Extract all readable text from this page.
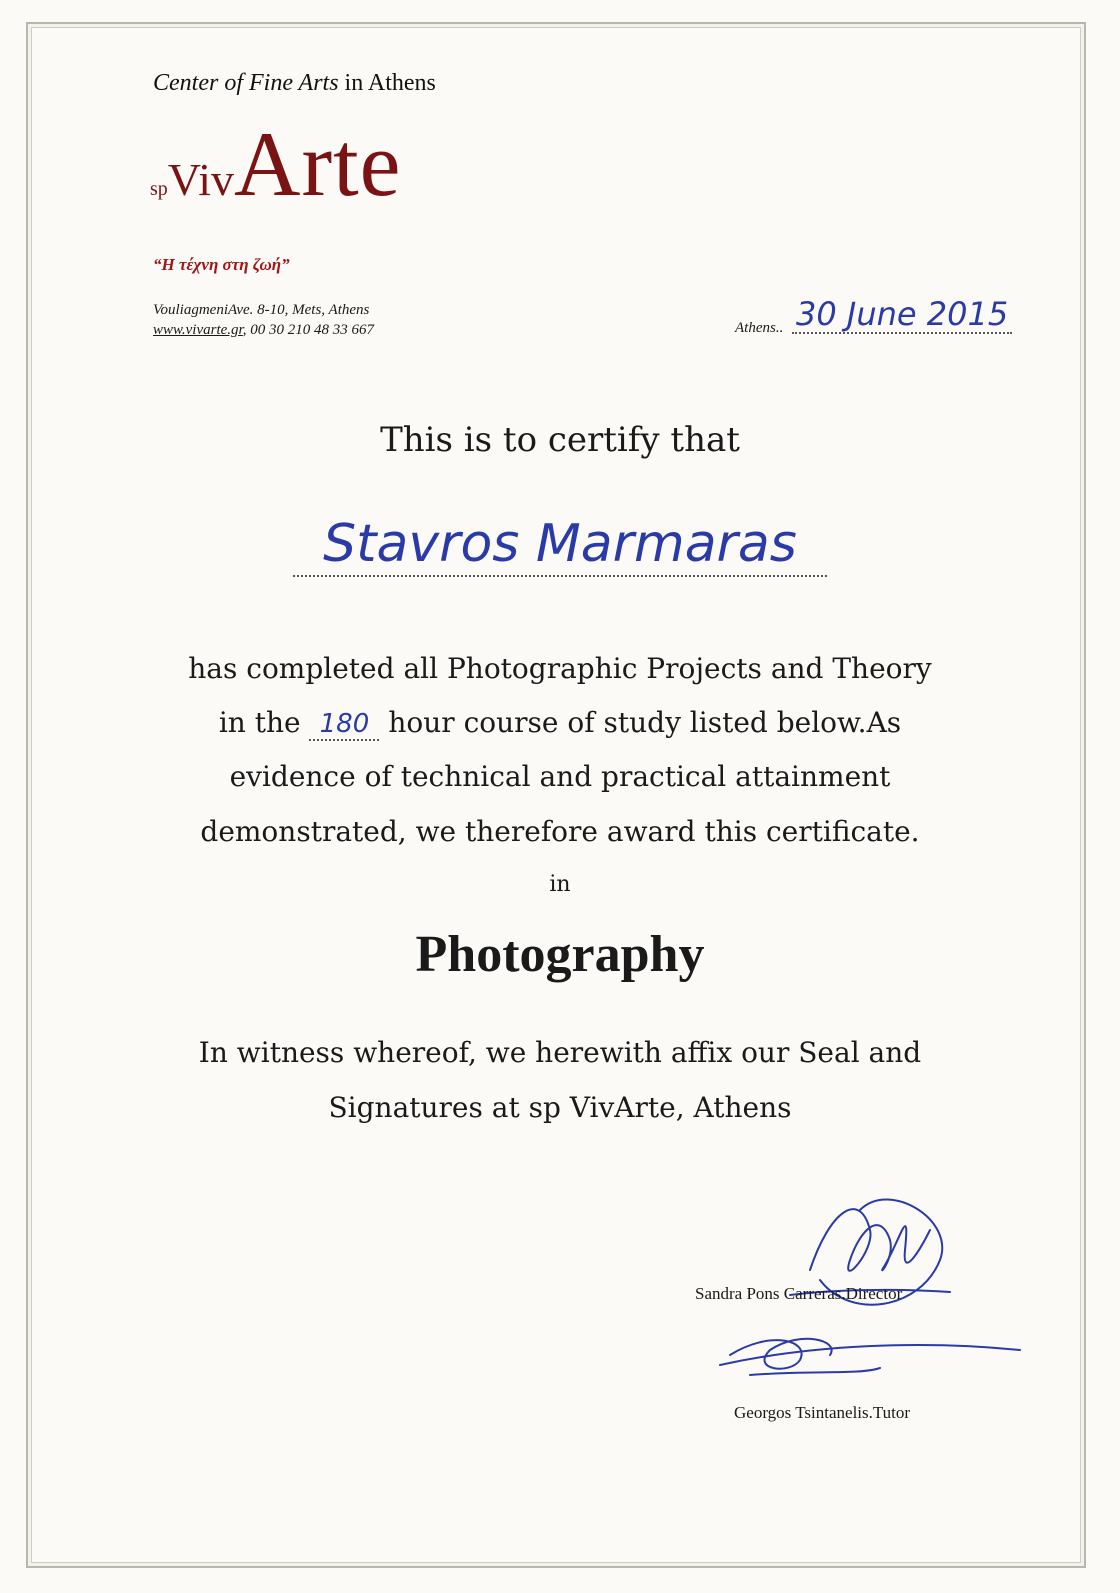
Center of Fine Arts in Athens
spVivArte
“Η τέχνη στη ζωή”
VouliagmeniAve. 8-10, Mets, Athens
www.vivarte.gr, 00 30 210 48 33 667	Athens.. 30 June 2015
This is to certify that
Stavros Marmaras
has completed all Photographic Projects and Theory
in the 180 hour course of study listed below.As
evidence of technical and practical attainment
demonstrated, we therefore award this certificate.
in
Photography
In witness whereof, we herewith affix our Seal and
Signatures at sp VivArte, Athens
Sandra Pons Carreras.Director
Georgos Tsintanelis.Tutor
